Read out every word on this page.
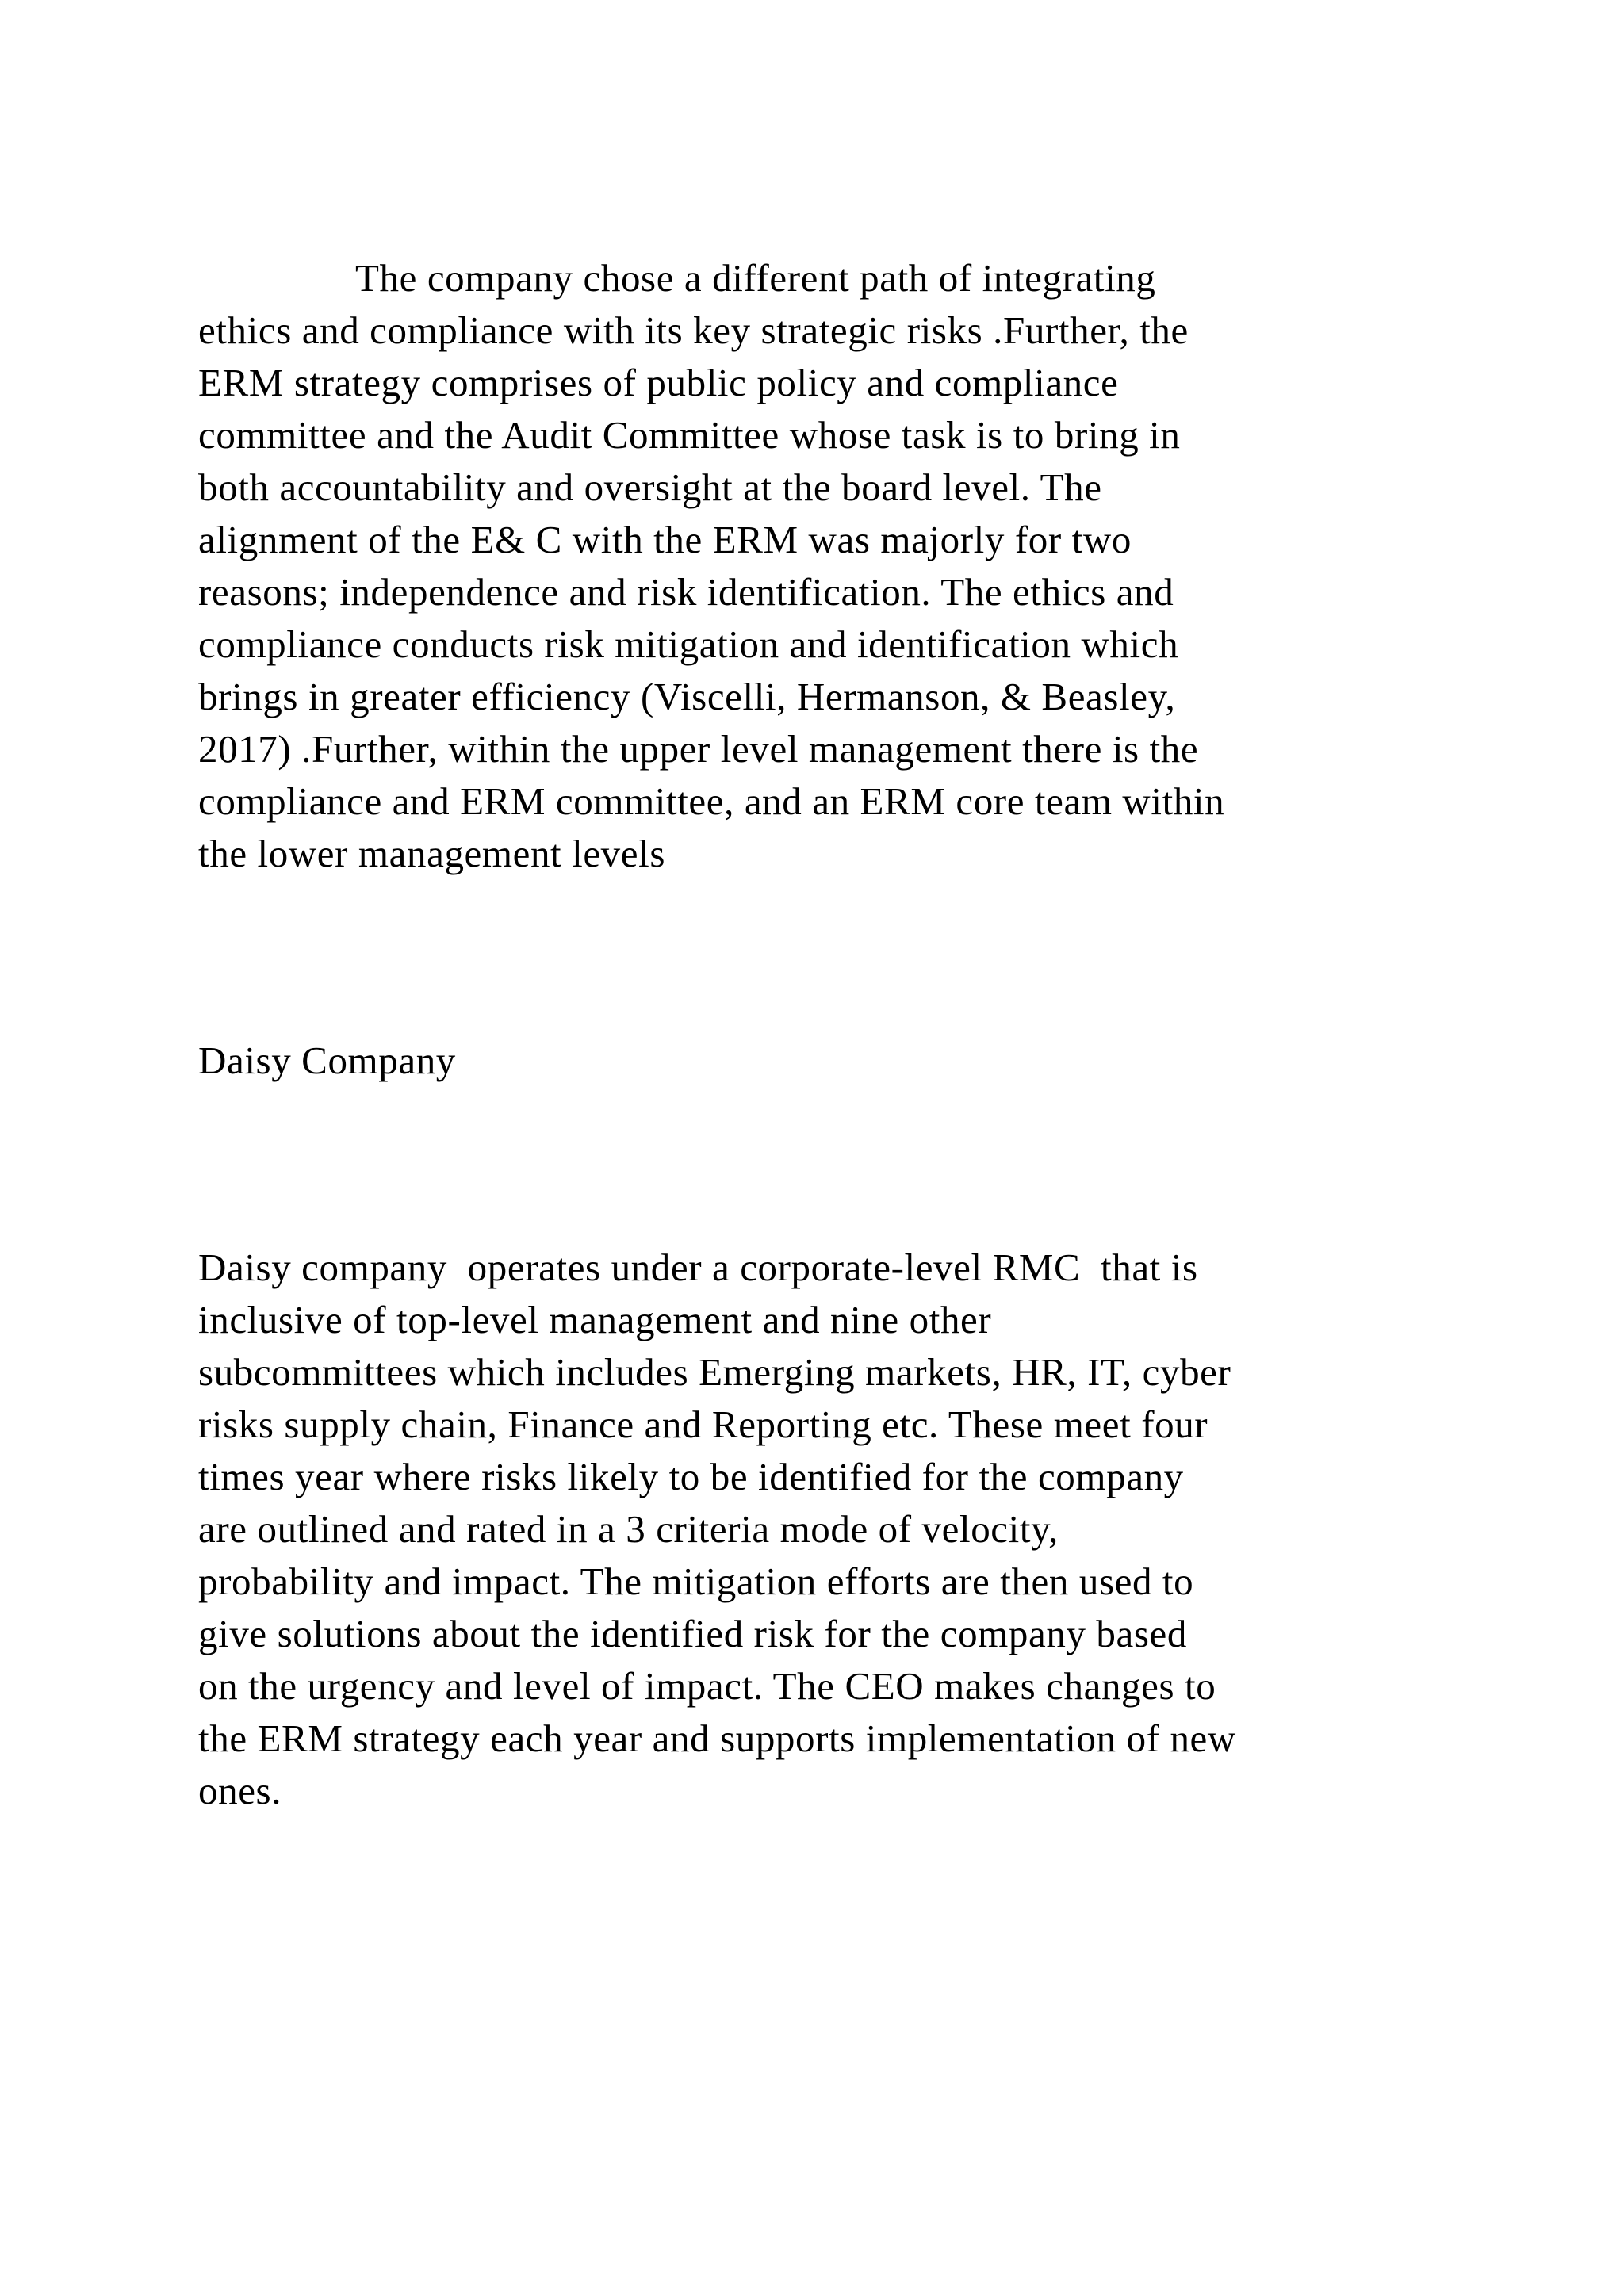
The company chose a different path of integrating

ethics and compliance with its key strategic risks .Further, the

ERM strategy comprises of public policy and compliance

committee and the Audit Committee whose task is to bring in

both accountability and oversight at the board level. The

alignment of the E& C with the ERM was majorly for two

reasons; independence and risk identification. The ethics and

compliance conducts risk mitigation and identification which

brings in greater efficiency (Viscelli, Hermanson, & Beasley,

2017) .Further, within the upper level management there is the

compliance and ERM committee, and an ERM core team within

the lower management levels

Daisy Company

Daisy company  operates under a corporate-level RMC  that is

inclusive of top-level management and nine other

subcommittees which includes Emerging markets, HR, IT, cyber

risks supply chain, Finance and Reporting etc. These meet four

times year where risks likely to be identified for the company

are outlined and rated in a 3 criteria mode of velocity,

probability and impact. The mitigation efforts are then used to

give solutions about the identified risk for the company based

on the urgency and level of impact. The CEO makes changes to

the ERM strategy each year and supports implementation of new

ones.
